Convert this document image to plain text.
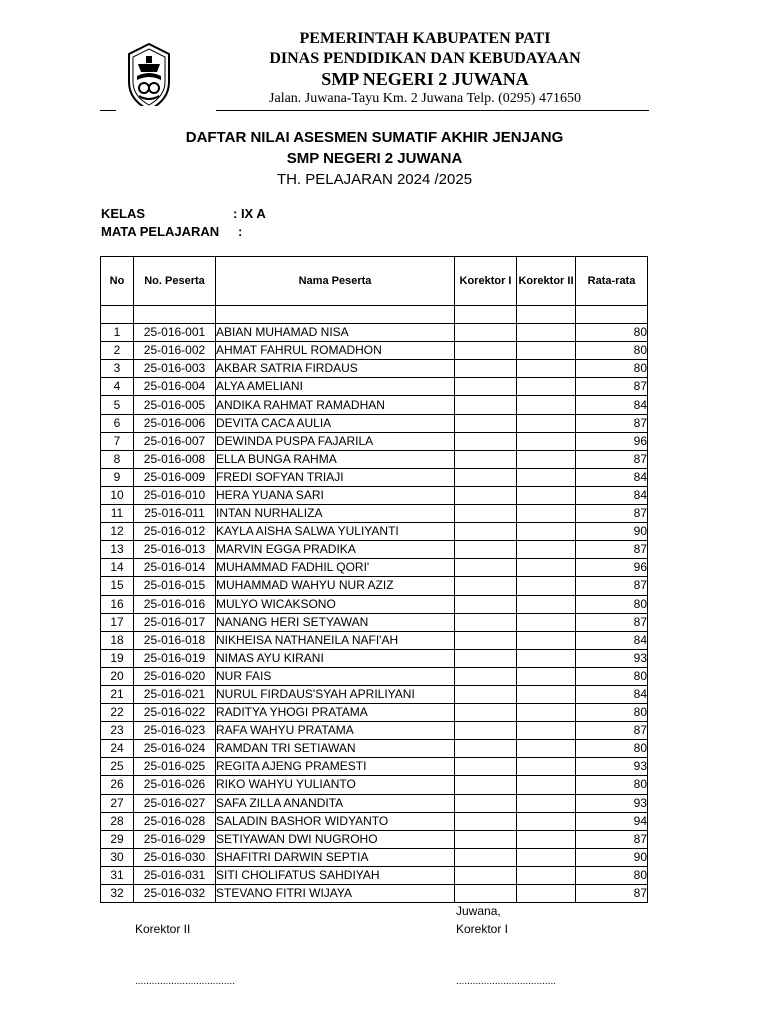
PEMERINTAH KABUPATEN PATI
DINAS PENDIDIKAN DAN KEBUDAYAAN
SMP NEGERI 2 JUWANA
Jalan. Juwana-Tayu Km. 2 Juwana Telp. (0295) 471650
DAFTAR NILAI ASESMEN SUMATIF AKHIR JENJANG
SMP NEGERI 2 JUWANA
TH. PELAJARAN 2024 /2025
KELAS	: IX A
MATA PELAJARAN :
No	No. Peserta	Nama Peserta	Korektor I	Korektor II	Rata-rata

1	25-016-001	ABIAN MUHAMAD NISA			80
2	25-016-002	AHMAT FAHRUL ROMADHON			80
3	25-016-003	AKBAR SATRIA FIRDAUS			80
4	25-016-004	ALYA AMELIANI			87
5	25-016-005	ANDIKA RAHMAT RAMADHAN			84
6	25-016-006	DEVITA CACA AULIA			87
7	25-016-007	DEWINDA PUSPA FAJARILA			96
8	25-016-008	ELLA BUNGA RAHMA			87
9	25-016-009	FREDI SOFYAN TRIAJI			84
10	25-016-010	HERA YUANA SARI			84
11	25-016-011	INTAN NURHALIZA			87
12	25-016-012	KAYLA AISHA SALWA YULIYANTI			90
13	25-016-013	MARVIN EGGA PRADIKA			87
14	25-016-014	MUHAMMAD FADHIL QORI'			96
15	25-016-015	MUHAMMAD WAHYU NUR AZIZ			87
16	25-016-016	MULYO WICAKSONO			80
17	25-016-017	NANANG HERI SETYAWAN			87
18	25-016-018	NIKHEISA NATHANEILA NAFI'AH			84
19	25-016-019	NIMAS AYU KIRANI			93
20	25-016-020	NUR FAIS			80
21	25-016-021	NURUL FIRDAUS'SYAH APRILIYANI			84
22	25-016-022	RADITYA YHOGI PRATAMA			80
23	25-016-023	RAFA WAHYU PRATAMA			87
24	25-016-024	RAMDAN TRI SETIAWAN			80
25	25-016-025	REGITA AJENG PRAMESTI			93
26	25-016-026	RIKO WAHYU YULIANTO			80
27	25-016-027	SAFA ZILLA ANANDITA			93
28	25-016-028	SALADIN BASHOR WIDYANTO			94
29	25-016-029	SETIYAWAN DWI NUGROHO			87
30	25-016-030	SHAFITRI DARWIN SEPTIA			90
31	25-016-031	SITI CHOLIFATUS SAHDIYAH			80
32	25-016-032	STEVANO FITRI WIJAYA			87
Juwana,
Korektor II	Korektor I
....................................	....................................
